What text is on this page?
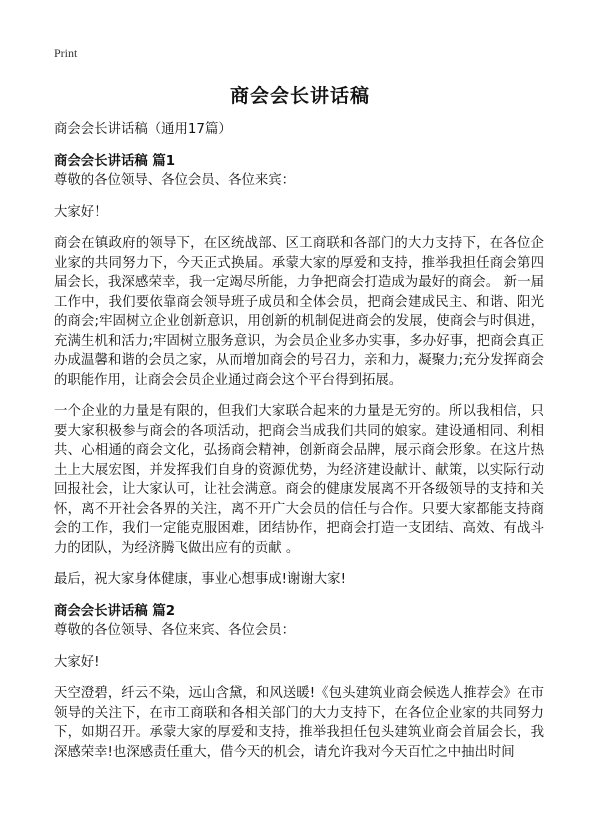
Print
商会会长讲话稿

商会会长讲话稿（通用17篇）

商会会长讲话稿 篇1

尊敬的各位领导、各位会员、各位来宾：

大家好！

商会在镇政府的领导下，在区统战部、区工商联和各部门的大力支持下，在各位企业家的共同努力下，今天正式换届。承蒙大家的厚爱和支持，推举我担任商会第四届会长，我深感荣幸，我一定竭尽所能，力争把商会打造成为最好的商会。 新一届工作中，我们要依靠商会领导班子成员和全体会员，把商会建成民主、和谐、阳光的商会;牢固树立企业创新意识，用创新的机制促进商会的发展，使商会与时俱进，充满生机和活力;牢固树立服务意识，为会员企业多办实事，多办好事，把商会真正办成温馨和谐的会员之家，从而增加商会的号召力，亲和力，凝聚力;充分发挥商会的职能作用，让商会会员企业通过商会这个平台得到拓展。

一个企业的力量是有限的，但我们大家联合起来的力量是无穷的。所以我相信，只要大家积极参与商会的各项活动，把商会当成我们共同的娘家。建设通相同、利相共、心相通的商会文化，弘扬商会精神，创新商会品牌，展示商会形象。在这片热土上大展宏图，并发挥我们自身的资源优势，为经济建设献计、献策，以实际行动回报社会，让大家认可，让社会满意。商会的健康发展离不开各级领导的支持和关怀，离不开社会各界的关注，离不开广大会员的信任与合作。只要大家都能支持商会的工作，我们一定能克服困难，团结协作，把商会打造一支团结、高效、有战斗力的团队，为经济腾飞做出应有的贡献 。

最后，祝大家身体健康，事业心想事成!谢谢大家!

商会会长讲话稿 篇2

尊敬的各位领导、各位来宾、各位会员：

大家好!

天空澄碧，纤云不染，远山含黛，和风送暖!《包头建筑业商会候选人推荐会》在市领导的关注下，在市工商联和各相关部门的大力支持下，在各位企业家的共同努力下，如期召开。承蒙大家的厚爱和支持，推举我担任包头建筑业商会首届会长，我深感荣幸!也深感责任重大，借今天的机会，请允许我对今天百忙之中抽出时间
